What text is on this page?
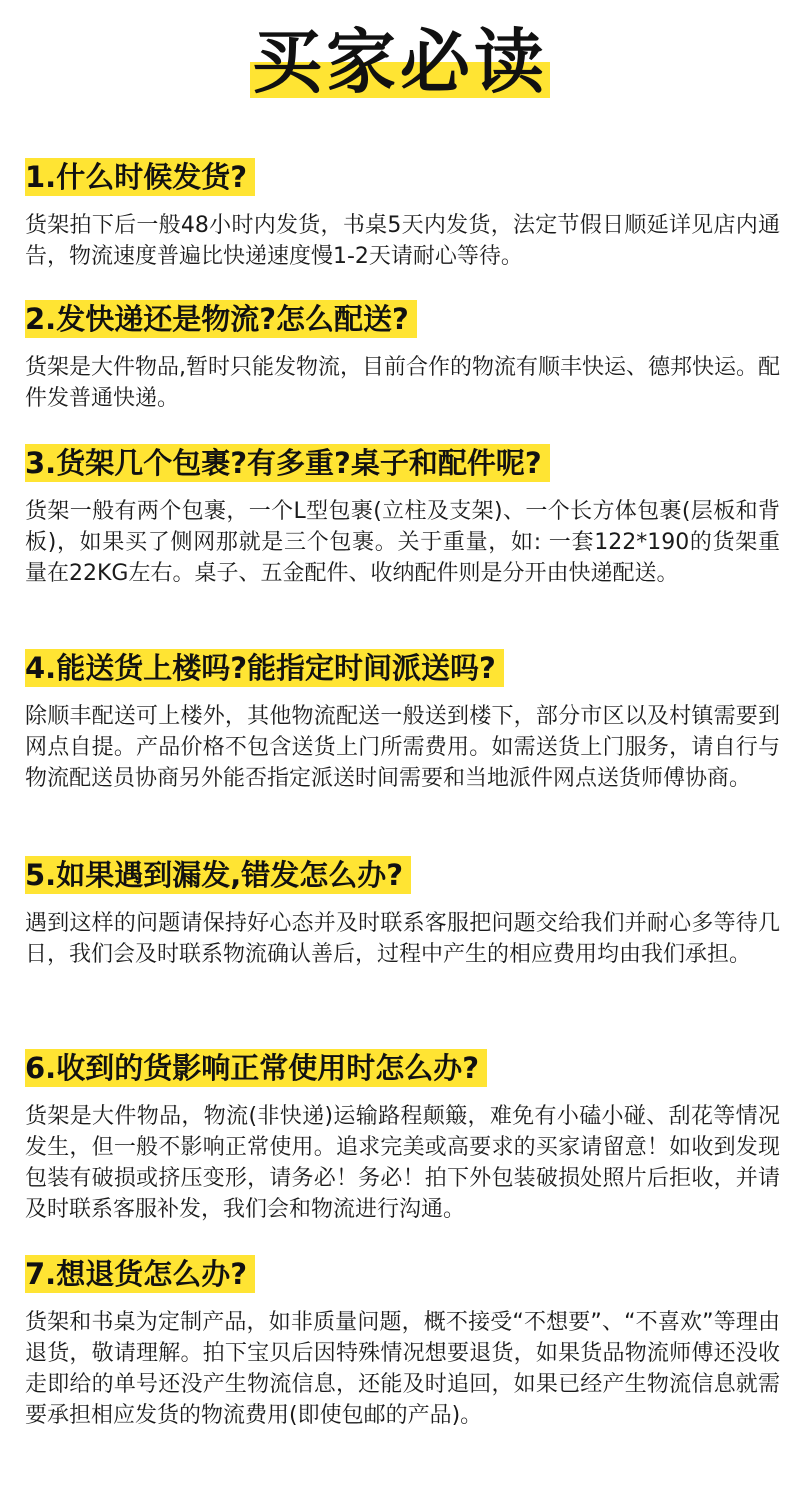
买家必读
1.什么时候发货?
货架拍下后一般48小时内发货，书桌5天内发货，法定节假日顺延详见店内通告，物流速度普遍比快递速度慢1-2天请耐心等待。
2.发快递还是物流?怎么配送?
货架是大件物品,暂时只能发物流，目前合作的物流有顺丰快运、德邦快运。配件发普通快递。
3.货架几个包裹?有多重?桌子和配件呢?
货架一般有两个包裹，一个L型包裹(立柱及支架)、一个长方体包裹(层板和背板)，如果买了侧网那就是三个包裹。关于重量，如: 一套122*190的货架重量在22KG左右。桌子、五金配件、收纳配件则是分开由快递配送。
4.能送货上楼吗?能指定时间派送吗?
除顺丰配送可上楼外，其他物流配送一般送到楼下，部分市区以及村镇需要到网点自提。产品价格不包含送货上门所需费用。如需送货上门服务，请自行与物流配送员协商另外能否指定派送时间需要和当地派件网点送货师傅协商。
5.如果遇到漏发,错发怎么办?
遇到这样的问题请保持好心态并及时联系客服把问题交给我们并耐心多等待几日，我们会及时联系物流确认善后，过程中产生的相应费用均由我们承担。
6.收到的货影响正常使用时怎么办?
货架是大件物品，物流(非快递)运输路程颠簸，难免有小磕小碰、刮花等情况发生，但一般不影响正常使用。追求完美或高要求的买家请留意！如收到发现包装有破损或挤压变形，请务必！务必！拍下外包装破损处照片后拒收，并请及时联系客服补发，我们会和物流进行沟通。
7.想退货怎么办?
货架和书桌为定制产品，如非质量问题，概不接受“不想要”、“不喜欢”等理由退货，敬请理解。拍下宝贝后因特殊情况想要退货，如果货品物流师傅还没收走即给的单号还没产生物流信息，还能及时追回，如果已经产生物流信息就需要承担相应发货的物流费用(即使包邮的产品)。
